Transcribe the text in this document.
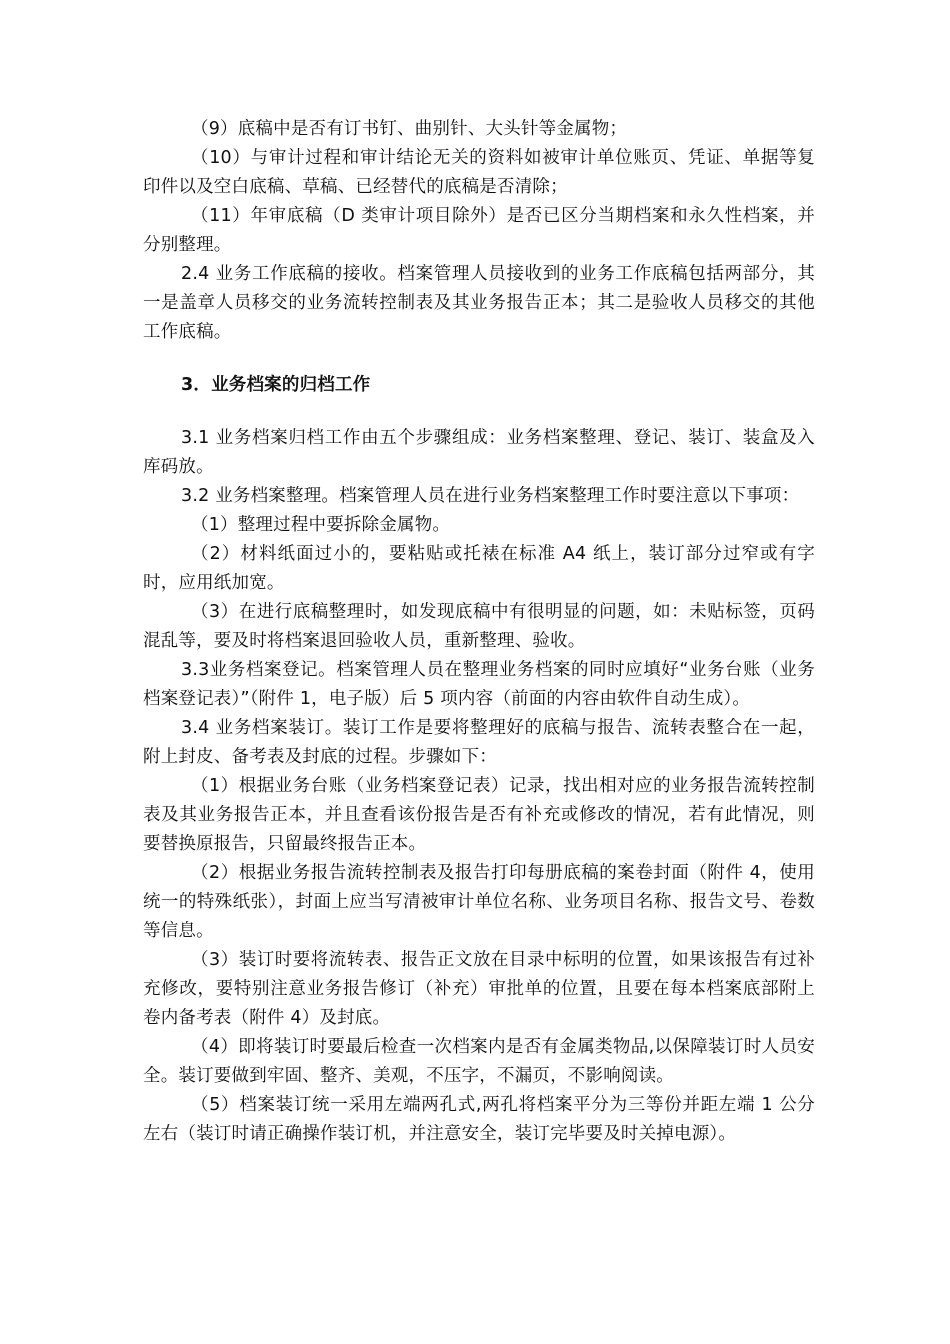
（9）底稿中是否有订书钉、曲别针、大头针等金属物；

（10）与审计过程和审计结论无关的资料如被审计单位账页、凭证、单据等复印件以及空白底稿、草稿、已经替代的底稿是否清除；

（11）年审底稿（D 类审计项目除外）是否已区分当期档案和永久性档案，并分别整理。

2.4 业务工作底稿的接收。档案管理人员接收到的业务工作底稿包括两部分，其一是盖章人员移交的业务流转控制表及其业务报告正本；其二是验收人员移交的其他工作底稿。

3．业务档案的归档工作

3.1 业务档案归档工作由五个步骤组成：业务档案整理、登记、装订、装盒及入库码放。

3.2 业务档案整理。档案管理人员在进行业务档案整理工作时要注意以下事项：

（1）整理过程中要拆除金属物。

（2）材料纸面过小的，要粘贴或托裱在标准 A4 纸上，装订部分过窄或有字时，应用纸加宽。

（3）在进行底稿整理时，如发现底稿中有很明显的问题，如：未贴标签，页码混乱等，要及时将档案退回验收人员，重新整理、验收。

3.3业务档案登记。档案管理人员在整理业务档案的同时应填好“业务台账（业务档案登记表）”（附件 1，电子版）后 5 项内容（前面的内容由软件自动生成）。

3.4 业务档案装订。装订工作是要将整理好的底稿与报告、流转表整合在一起，附上封皮、备考表及封底的过程。步骤如下：

（1）根据业务台账（业务档案登记表）记录，找出相对应的业务报告流转控制表及其业务报告正本，并且查看该份报告是否有补充或修改的情况，若有此情况，则要替换原报告，只留最终报告正本。

（2）根据业务报告流转控制表及报告打印每册底稿的案卷封面（附件 4，使用统一的特殊纸张），封面上应当写清被审计单位名称、业务项目名称、报告文号、卷数等信息。

（3）装订时要将流转表、报告正文放在目录中标明的位置，如果该报告有过补充修改，要特别注意业务报告修订（补充）审批单的位置，且要在每本档案底部附上卷内备考表（附件 4）及封底。

（4）即将装订时要最后检查一次档案内是否有金属类物品,以保障装订时人员安全。装订要做到牢固、整齐、美观，不压字，不漏页，不影响阅读。

（5）档案装订统一采用左端两孔式,两孔将档案平分为三等份并距左端 1 公分左右（装订时请正确操作装订机，并注意安全，装订完毕要及时关掉电源）。
